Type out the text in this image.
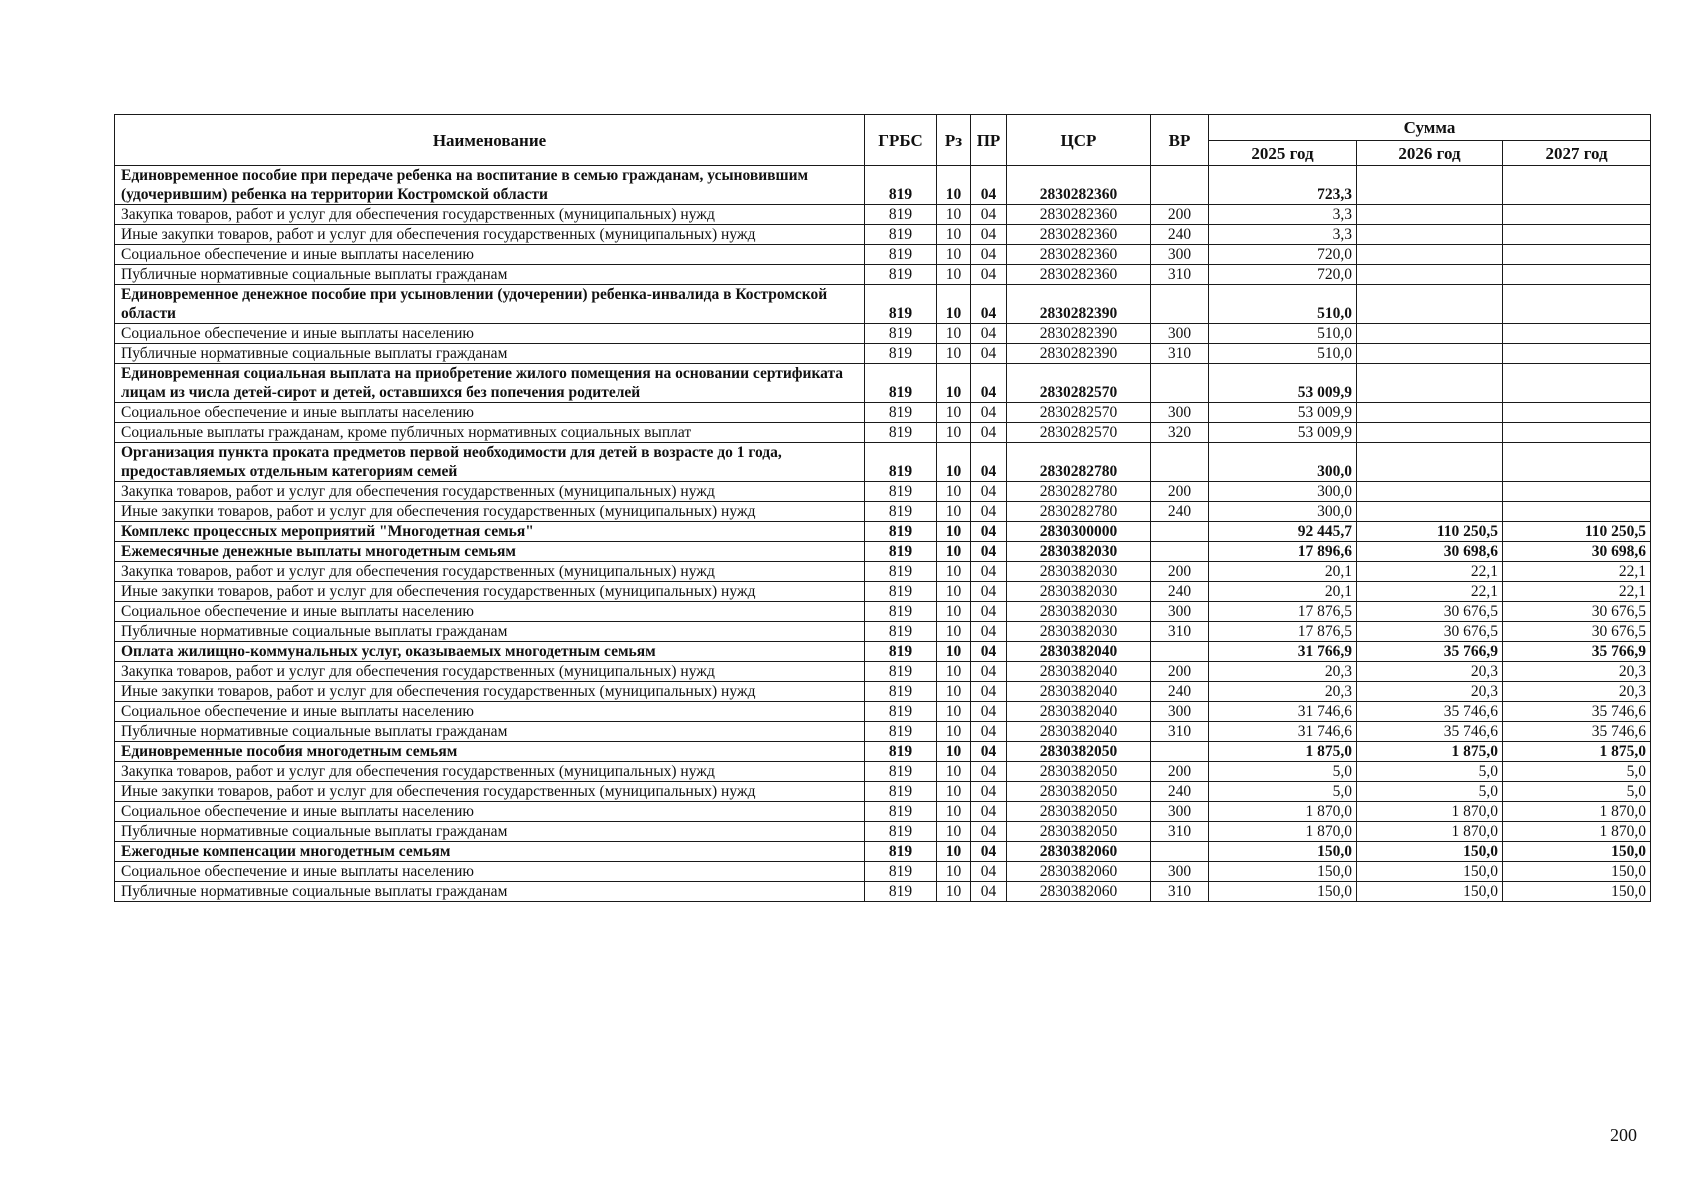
Наименование	ГРБС	Рз	ПР	ЦСР	ВР	Сумма		
						2025 год	2026 год	2027 год
Единовременное пособие при передаче ребенка на воспитание в семью гражданам, усыновившим (удочерившим) ребенка на территории Костромской области	819	10	04	2830282360		723,3		
Закупка товаров, работ и услуг для обеспечения государственных (муниципальных) нужд	819	10	04	2830282360	200	3,3		
Иные закупки товаров, работ и услуг для обеспечения государственных (муниципальных) нужд	819	10	04	2830282360	240	3,3		
Социальное обеспечение и иные выплаты населению	819	10	04	2830282360	300	720,0		
Публичные нормативные социальные выплаты гражданам	819	10	04	2830282360	310	720,0		
Единовременное денежное пособие при усыновлении (удочерении) ребенка-инвалида в Костромской области	819	10	04	2830282390		510,0		
Социальное обеспечение и иные выплаты населению	819	10	04	2830282390	300	510,0		
Публичные нормативные социальные выплаты гражданам	819	10	04	2830282390	310	510,0		
Единовременная социальная выплата на приобретение жилого помещения на основании сертификата лицам из числа детей-сирот и детей, оставшихся без попечения родителей	819	10	04	2830282570		53 009,9		
Социальное обеспечение и иные выплаты населению	819	10	04	2830282570	300	53 009,9		
Социальные выплаты гражданам, кроме публичных нормативных социальных выплат	819	10	04	2830282570	320	53 009,9		
Организация пункта проката предметов первой необходимости для детей в возрасте до 1 года, предоставляемых отдельным категориям семей	819	10	04	2830282780		300,0		
Закупка товаров, работ и услуг для обеспечения государственных (муниципальных) нужд	819	10	04	2830282780	200	300,0		
Иные закупки товаров, работ и услуг для обеспечения государственных (муниципальных) нужд	819	10	04	2830282780	240	300,0		
Комплекс процессных мероприятий "Многодетная семья"	819	10	04	2830300000		92 445,7	110 250,5	110 250,5
Ежемесячные денежные выплаты многодетным семьям	819	10	04	2830382030		17 896,6	30 698,6	30 698,6
Закупка товаров, работ и услуг для обеспечения государственных (муниципальных) нужд	819	10	04	2830382030	200	20,1	22,1	22,1
Иные закупки товаров, работ и услуг для обеспечения государственных (муниципальных) нужд	819	10	04	2830382030	240	20,1	22,1	22,1
Социальное обеспечение и иные выплаты населению	819	10	04	2830382030	300	17 876,5	30 676,5	30 676,5
Публичные нормативные социальные выплаты гражданам	819	10	04	2830382030	310	17 876,5	30 676,5	30 676,5
Оплата жилищно-коммунальных услуг, оказываемых многодетным семьям	819	10	04	2830382040		31 766,9	35 766,9	35 766,9
Закупка товаров, работ и услуг для обеспечения государственных (муниципальных) нужд	819	10	04	2830382040	200	20,3	20,3	20,3
Иные закупки товаров, работ и услуг для обеспечения государственных (муниципальных) нужд	819	10	04	2830382040	240	20,3	20,3	20,3
Социальное обеспечение и иные выплаты населению	819	10	04	2830382040	300	31 746,6	35 746,6	35 746,6
Публичные нормативные социальные выплаты гражданам	819	10	04	2830382040	310	31 746,6	35 746,6	35 746,6
Единовременные пособия многодетным семьям	819	10	04	2830382050		1 875,0	1 875,0	1 875,0
Закупка товаров, работ и услуг для обеспечения государственных (муниципальных) нужд	819	10	04	2830382050	200	5,0	5,0	5,0
Иные закупки товаров, работ и услуг для обеспечения государственных (муниципальных) нужд	819	10	04	2830382050	240	5,0	5,0	5,0
Социальное обеспечение и иные выплаты населению	819	10	04	2830382050	300	1 870,0	1 870,0	1 870,0
Публичные нормативные социальные выплаты гражданам	819	10	04	2830382050	310	1 870,0	1 870,0	1 870,0
Ежегодные компенсации многодетным семьям	819	10	04	2830382060		150,0	150,0	150,0
Социальное обеспечение и иные выплаты населению	819	10	04	2830382060	300	150,0	150,0	150,0
Публичные нормативные социальные выплаты гражданам	819	10	04	2830382060	310	150,0	150,0	150,0
200
